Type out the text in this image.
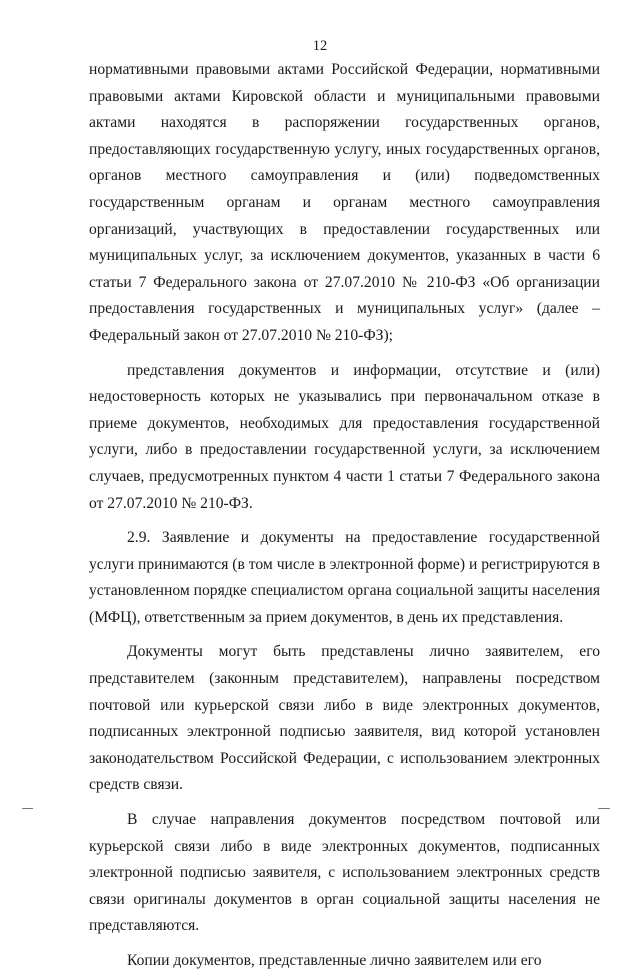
12

нормативными правовыми актами Российской Федерации, нормативными правовыми актами Кировской области и муниципальными правовыми актами находятся в распоряжении государственных органов, предоставляющих государственную услугу, иных государственных органов, органов местного самоуправления и (или) подведомственных государственным органам и органам местного самоуправления организаций, участвующих в предоставлении государственных или муниципальных услуг, за исключением документов, указанных в части 6 статьи 7 Федерального закона от 27.07.2010 № 210-ФЗ «Об организации предоставления государственных и муниципальных услуг» (далее – Федеральный закон от 27.07.2010 № 210-ФЗ);

представления документов и информации, отсутствие и (или) недостоверность которых не указывались при первоначальном отказе в приеме документов, необходимых для предоставления государственной услуги, либо в предоставлении государственной услуги, за исключением случаев, предусмотренных пунктом 4 части 1 статьи 7 Федерального закона от 27.07.2010 № 210-ФЗ.

2.9. Заявление и документы на предоставление государственной услуги принимаются (в том числе в электронной форме) и регистрируются в установленном порядке специалистом органа социальной защиты населения (МФЦ), ответственным за прием документов, в день их представления.

Документы могут быть представлены лично заявителем, его представителем (законным представителем), направлены посредством почтовой или курьерской связи либо в виде электронных документов, подписанных электронной подписью заявителя, вид которой установлен законодательством Российской Федерации, с использованием электронных средств связи.

В случае направления документов посредством почтовой или курьерской связи либо в виде электронных документов, подписанных электронной подписью заявителя, с использованием электронных средств связи оригиналы документов в орган социальной защиты населения не представляются.

Копии документов, представленные лично заявителем или его
